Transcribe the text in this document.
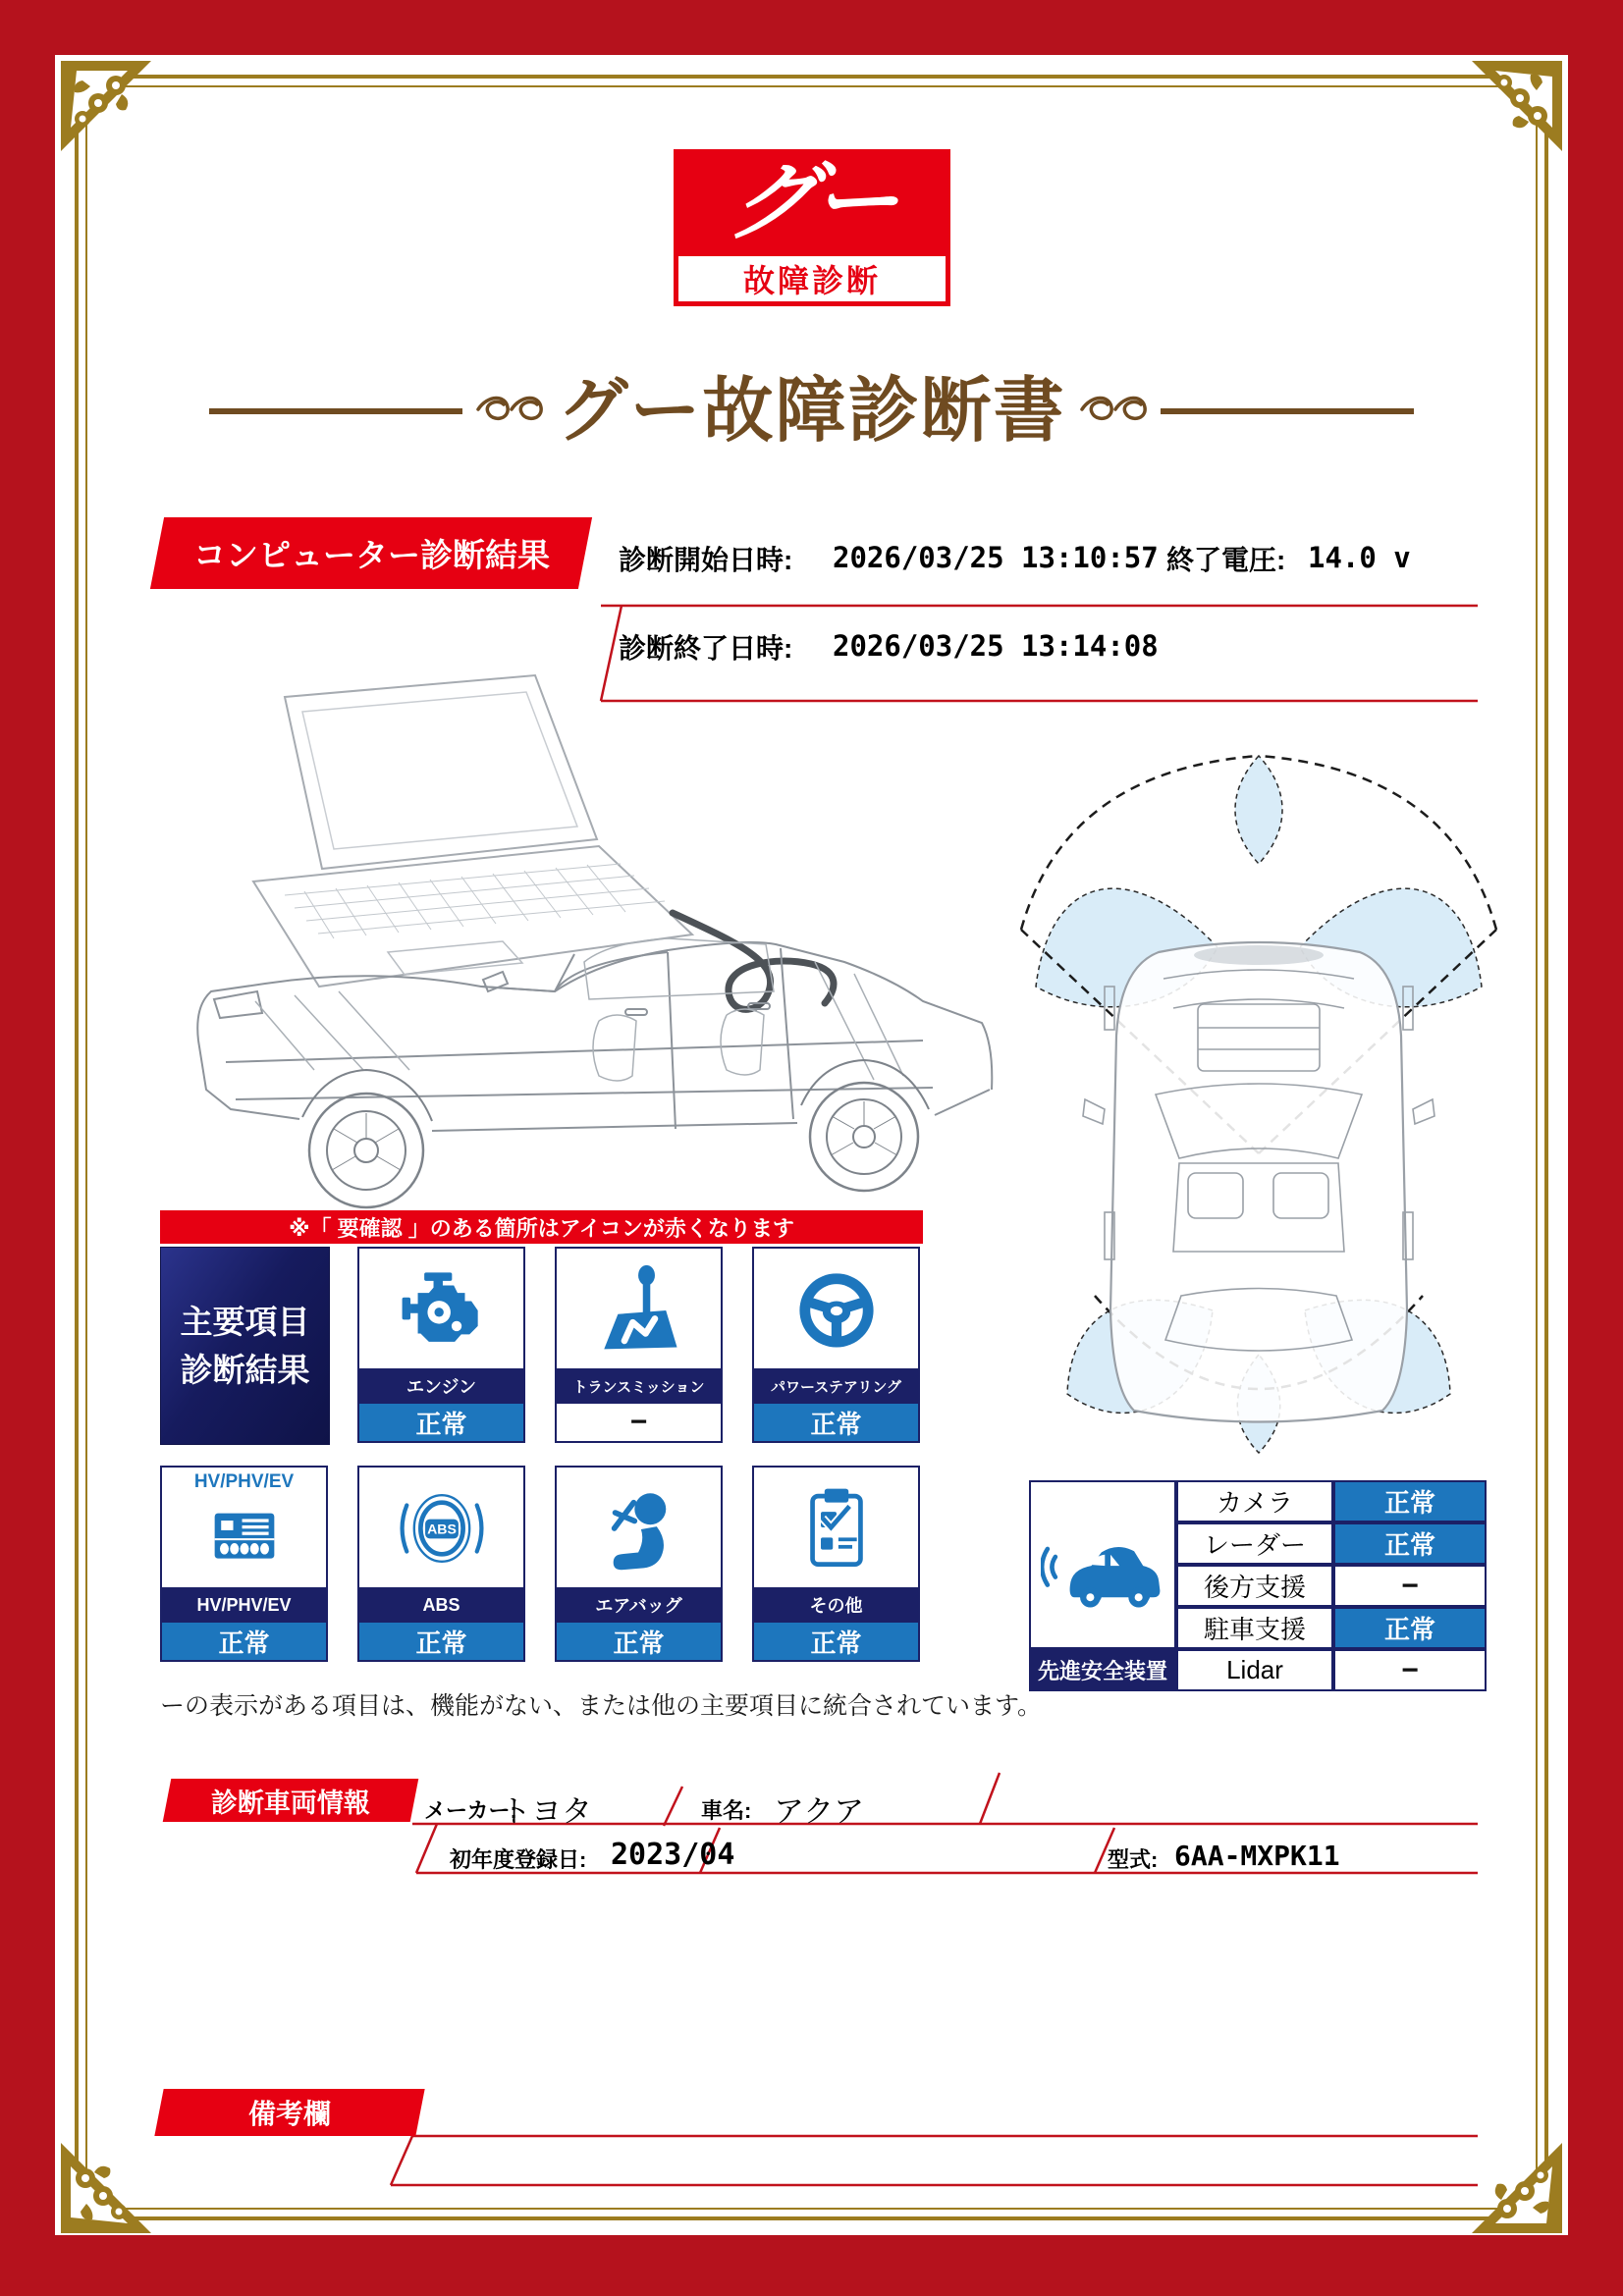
グー
故障診断
グー故障診断書
コンピューター診断結果	診断開始日時: 2026/03/25 13:10:57 終了電圧: 14.0 v
診断終了日時: 2026/03/25 13:14:08
※「 要確認 」のある箇所はアイコンが赤くなります
主要項目
診断結果	エンジン
正常
トランスミッション
−
パワーステアリング
正常
HV/PHV/EV
HV/PHV/EV
正常
ABS
ABS
正常
エアバッグ
正常
その他
正常
ーの表示がある項目は、機能がない、または他の主要項目に統合されています。
先進安全装置
カメラ	正常
レーダー	正常
後方支援	−
駐車支援	正常
Lidar	−
診断車両情報	メーカー:
トヨタ	車名: アクア
初年度登録日: 2023/04	型式: 6AA-MXPK11
備考欄
